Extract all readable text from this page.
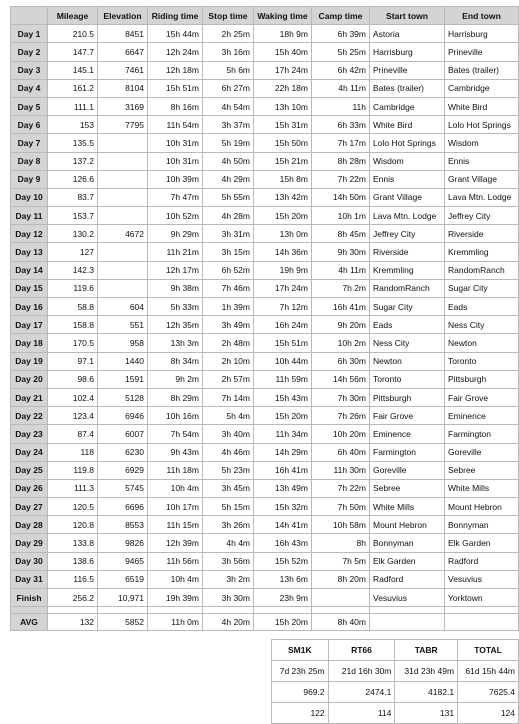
	Mileage	Elevation	Riding time	Stop time	Waking time	Camp time	Start town	End town
Day 1	210.5	8451	15h 44m	2h 25m	18h 9m	6h 39m	Astoria	Harrisburg
Day 2	147.7	6647	12h 24m	3h 16m	15h 40m	5h 25m	Harrisburg	Prineville
Day 3	145.1	7461	12h 18m	5h 6m	17h 24m	6h 42m	Prineville	Bates (trailer)
Day 4	161.2	8104	15h 51m	6h 27m	22h 18m	4h 11m	Bates (trailer)	Cambridge
Day 5	111.1	3169	8h 16m	4h 54m	13h 10m	11h	Cambridge	White Bird
Day 6	153	7795	11h 54m	3h 37m	15h 31m	6h 33m	White Bird	Lolo Hot Springs
Day 7	135.5		10h 31m	5h 19m	15h 50m	7h 17m	Lolo Hot Springs	Wisdom
Day 8	137.2		10h 31m	4h 50m	15h 21m	8h 28m	Wisdom	Ennis
Day 9	126.6		10h 39m	4h 29m	15h 8m	7h 22m	Ennis	Grant Village
Day 10	83.7		7h 47m	5h 55m	13h 42m	14h 50m	Grant Village	Lava Mtn. Lodge
Day 11	153.7		10h 52m	4h 28m	15h 20m	10h 1m	Lava Mtn. Lodge	Jeffrey City
Day 12	130.2	4672	9h 29m	3h 31m	13h 0m	8h 45m	Jeffrey City	Riverside
Day 13	127		11h 21m	3h 15m	14h 36m	9h 30m	Riverside	Kremmling
Day 14	142.3		12h 17m	6h 52m	19h 9m	4h 11m	Kremmling	RandomRanch
Day 15	119.6		9h 38m	7h 46m	17h 24m	7h 2m	RandomRanch	Sugar City
Day 16	58.8	604	5h 33m	1h 39m	7h 12m	16h 41m	Sugar City	Eads
Day 17	158.8	551	12h 35m	3h 49m	16h 24m	9h 20m	Eads	Ness City
Day 18	170.5	958	13h 3m	2h 48m	15h 51m	10h 2m	Ness City	Newton
Day 19	97.1	1440	8h 34m	2h 10m	10h 44m	6h 30m	Newton	Toronto
Day 20	98.6	1591	9h 2m	2h 57m	11h 59m	14h 56m	Toronto	Pittsburgh
Day 21	102.4	5128	8h 29m	7h 14m	15h 43m	7h 30m	Pittsburgh	Fair Grove
Day 22	123.4	6946	10h 16m	5h 4m	15h 20m	7h 26m	Fair Grove	Eminence
Day 23	87.4	6007	7h 54m	3h 40m	11h 34m	10h 20m	Eminence	Farmington
Day 24	118	6230	9h 43m	4h 46m	14h 29m	6h 40m	Farmington	Goreville
Day 25	119.8	6929	11h 18m	5h 23m	16h 41m	11h 30m	Goreville	Sebree
Day 26	111.3	5745	10h 4m	3h 45m	13h 49m	7h 22m	Sebree	White Mills
Day 27	120.5	6696	10h 17m	5h 15m	15h 32m	7h 50m	White Mills	Mount Hebron
Day 28	120.8	8553	11h 15m	3h 26m	14h 41m	10h 58m	Mount Hebron	Bonnyman
Day 29	133.8	9826	12h 39m	4h 4m	16h 43m	8h	Bonnyman	Elk Garden
Day 30	138.6	9465	11h 56m	3h 56m	15h 52m	7h 5m	Elk Garden	Radford
Day 31	116.5	6519	10h 4m	3h 2m	13h 6m	8h 20m	Radford	Vesuvius
Finish	256.2	10,971	19h 39m	3h 30m	23h 9m		Vesuvius	Yorktown

AVG	132	5852	11h 0m	4h 20m	15h 20m	8h 40m		
SM1K	RT66	TABR	TOTAL
7d 23h 25m	21d 16h 30m	31d 23h 49m	61d 15h 44m
969.2	2474.1	4182.1	7625.4
122	114	131	124
